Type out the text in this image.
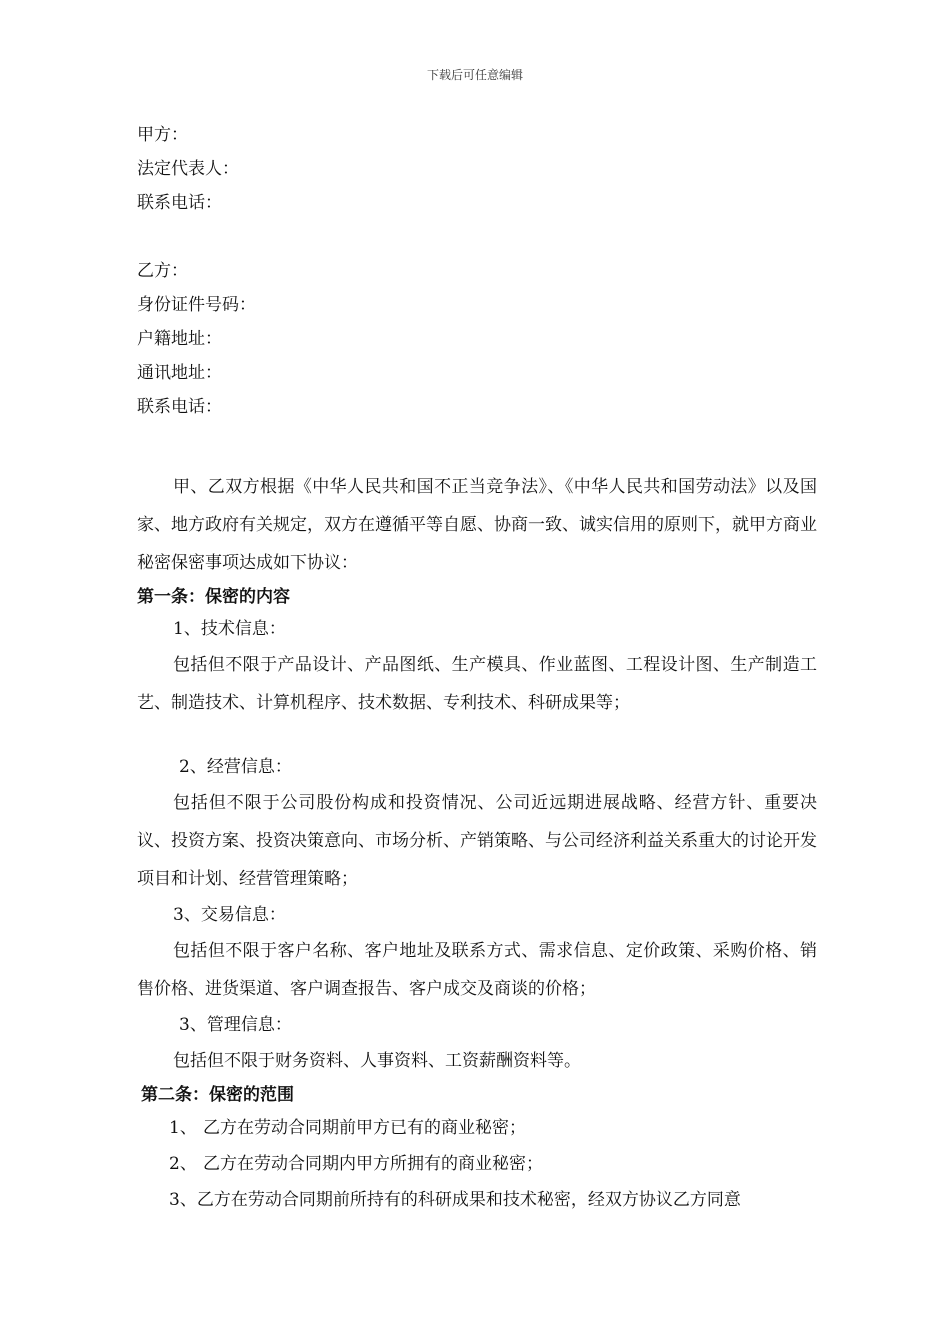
下载后可任意编辑
甲方：
法定代表人：
联系电话：
乙方：
身份证件号码：
户籍地址：
通讯地址：
联系电话：

甲、乙双方根据《中华人民共和国不正当竞争法》、《中华人民共和国劳动法》以及国家、地方政府有关规定，双方在遵循平等自愿、协商一致、诚实信用的原则下，就甲方商业秘密保密事项达成如下协议：

第一条：保密的内容
1、技术信息：

包括但不限于产品设计、产品图纸、生产模具、作业蓝图、工程设计图、生产制造工艺、制造技术、计算机程序、技术数据、专利技术、科研成果等；

2、经营信息：

包括但不限于公司股份构成和投资情况、公司近远期进展战略、经营方针、重要决议、投资方案、投资决策意向、市场分析、产销策略、与公司经济利益关系重大的讨论开发项目和计划、经营管理策略；

3、交易信息：

包括但不限于客户名称、客户地址及联系方式、需求信息、定价政策、采购价格、销售价格、进货渠道、客户调查报告、客户成交及商谈的价格；

3、管理信息：

包括但不限于财务资料、人事资料、工资薪酬资料等。

第二条：保密的范围
1、 乙方在劳动合同期前甲方已有的商业秘密；
2、 乙方在劳动合同期内甲方所拥有的商业秘密；
3、乙方在劳动合同期前所持有的科研成果和技术秘密，经双方协议乙方同意
